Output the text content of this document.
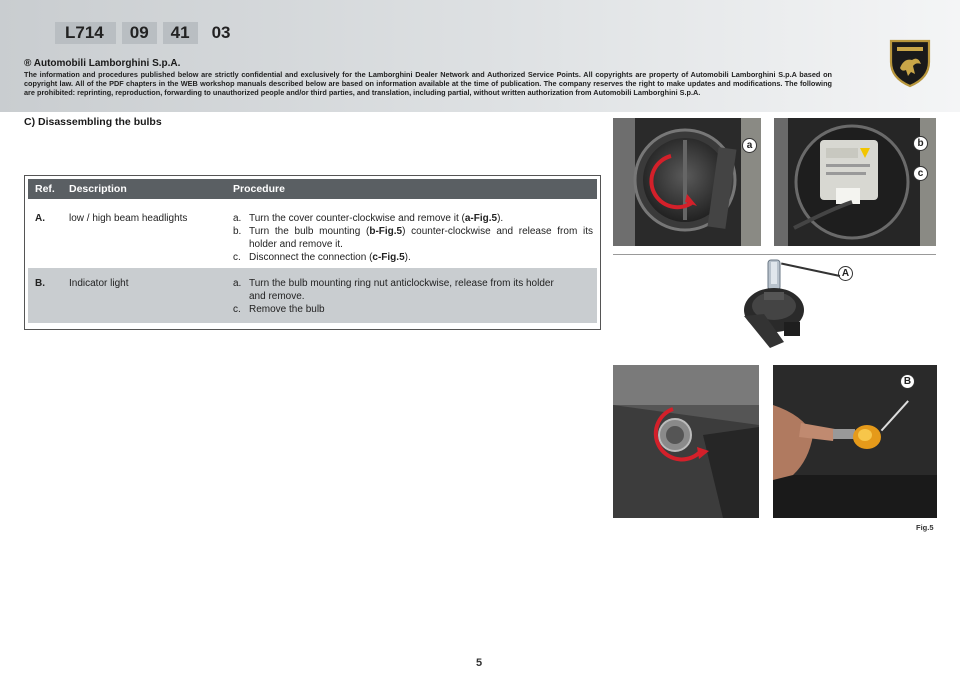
L714	09	41	03
® Automobili Lamborghini S.p.A.
The information and procedures published below are strictly confidential and exclusively for the Lamborghini Dealer Network and Authorized Service Points. All copyrights are property of Automobili Lamborghini S.p.A based on copyright law. All of the PDF chapters in the WEB workshop manuals described below are based on information available at the time of publication. The company reserves the right to make updates and modifications. The following are prohibited: reprinting, reproduction, forwarding to unauthorized people and/or third parties, and translation, including partial, without written authorization from Automobili Lamborghini S.p.A.
C) Disassembling the bulbs
Ref. Description	Procedure
A. low / high beam headlights	a. Turn the cover counter-clockwise and remove it (a-Fig.5).
b. Turn the bulb mounting (b-Fig.5) counter-clockwise and release from its holder and remove it.
c. Disconnect the connection (c-Fig.5).
B. Indicator light	a. Turn the bulb mounting ring nut anticlockwise, release from its holder and remove.
c. Remove the bulb
a	b
c
A
B
Fig.5
5
